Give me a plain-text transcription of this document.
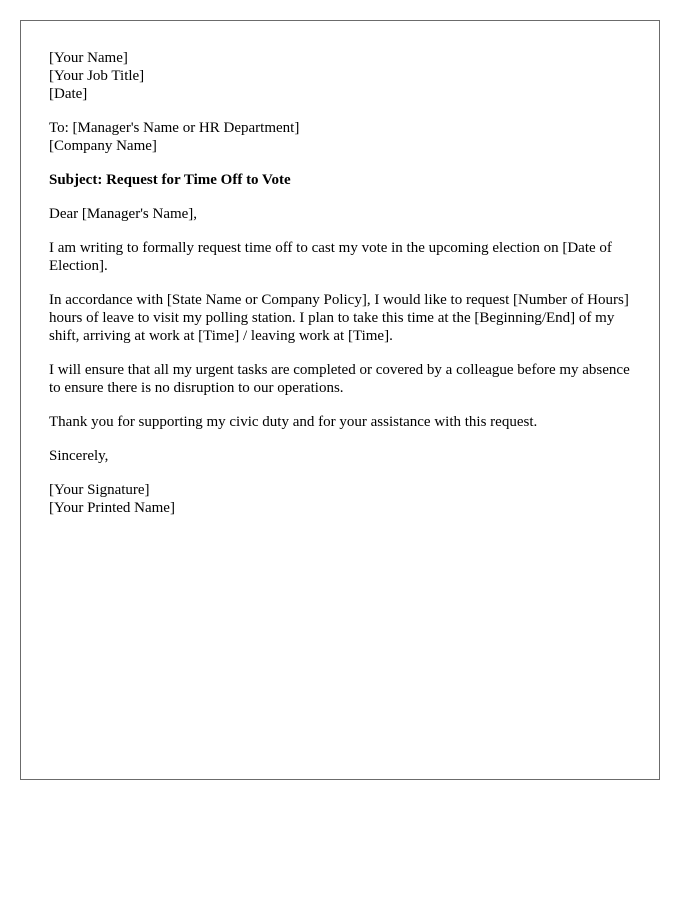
[Your Name]
[Your Job Title]
[Date]

To: [Manager's Name or HR Department]
[Company Name]

Subject: Request for Time Off to Vote

Dear [Manager's Name],

I am writing to formally request time off to cast my vote in the upcoming election on [Date of Election].

In accordance with [State Name or Company Policy], I would like to request [Number of Hours] hours of leave to visit my polling station. I plan to take this time at the [Beginning/End] of my shift, arriving at work at [Time] / leaving work at [Time].

I will ensure that all my urgent tasks are completed or covered by a colleague before my absence to ensure there is no disruption to our operations.

Thank you for supporting my civic duty and for your assistance with this request.

Sincerely,

[Your Signature]
[Your Printed Name]
